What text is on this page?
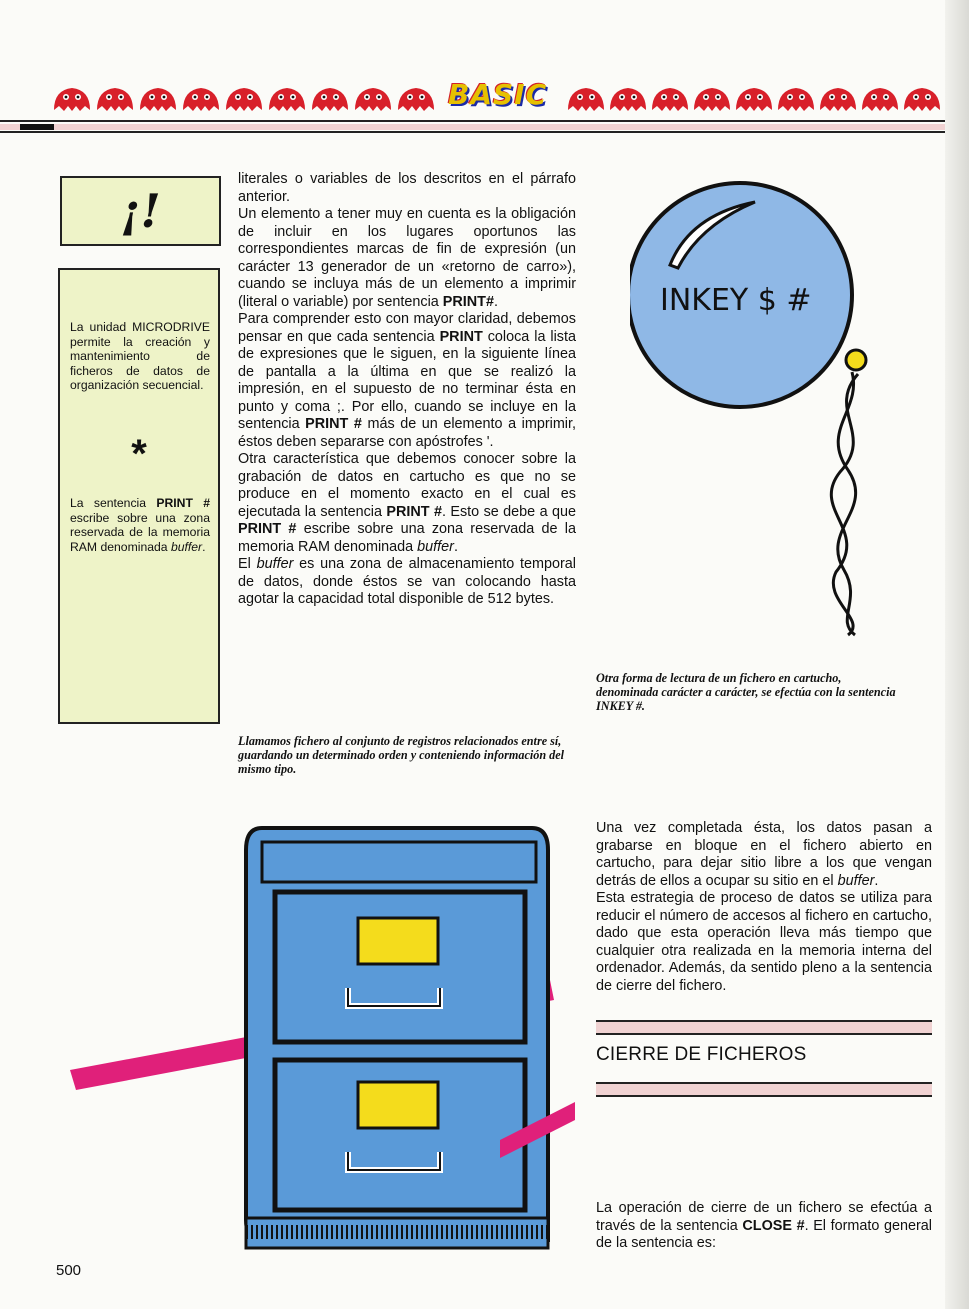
BASIC
¡!
La unidad MICRODRIVE permite la creación y mantenimiento de ficheros de datos de organización secuencial.
*
La sentencia PRINT # escribe sobre una zona reservada de la memoria RAM denominada buffer.

literales o variables de los descritos en el párrafo anterior.

Un elemento a tener muy en cuenta es la obligación de incluir en los lugares oportunos las correspondientes marcas de fin de expresión (un carácter 13 generador de un «retorno de carro»), cuando se incluya más de un elemento a imprimir (literal o variable) por sentencia PRINT#.

Para comprender esto con mayor claridad, debemos pensar en que cada sentencia PRINT coloca la lista de expresiones que le siguen, en la siguiente línea de pantalla a la última en que se realizó la impresión, en el supuesto de no terminar ésta en punto y coma ;. Por ello, cuando se incluye en la sentencia PRINT # más de un elemento a imprimir, éstos deben separarse con apóstrofes '.

Otra característica que debemos conocer sobre la grabación de datos en cartucho es que no se produce en el momento exacto en el cual es ejecutada la sentencia PRINT #. Esto se debe a que PRINT # escribe sobre una zona reservada de la memoria RAM denominada buffer.

El buffer es una zona de almacenamiento temporal de datos, donde éstos se van colocando hasta agotar la capacidad total disponible de 512 bytes.

Llamamos fichero al conjunto de registros relacionados entre sí, guardando un determinado orden y conteniendo información del mismo tipo.
INKEY $ #
Otra forma de lectura de un fichero en cartucho, denominada carácter a carácter, se efectúa con la sentencia INKEY #.

Una vez completada ésta, los datos pasan a grabarse en bloque en el fichero abierto en cartucho, para dejar sitio libre a los que vengan detrás de ellos a ocupar su sitio en el buffer.

Esta estrategia de proceso de datos se utiliza para reducir el número de accesos al fichero en cartucho, dado que esta operación lleva más tiempo que cualquier otra realizada en la memoria interna del ordenador. Además, da sentido pleno a la sentencia de cierre del fichero.

CIERRE DE FICHEROS

La operación de cierre de un fichero se efectúa a través de la sentencia CLOSE #. El formato general de la sentencia es:

500
